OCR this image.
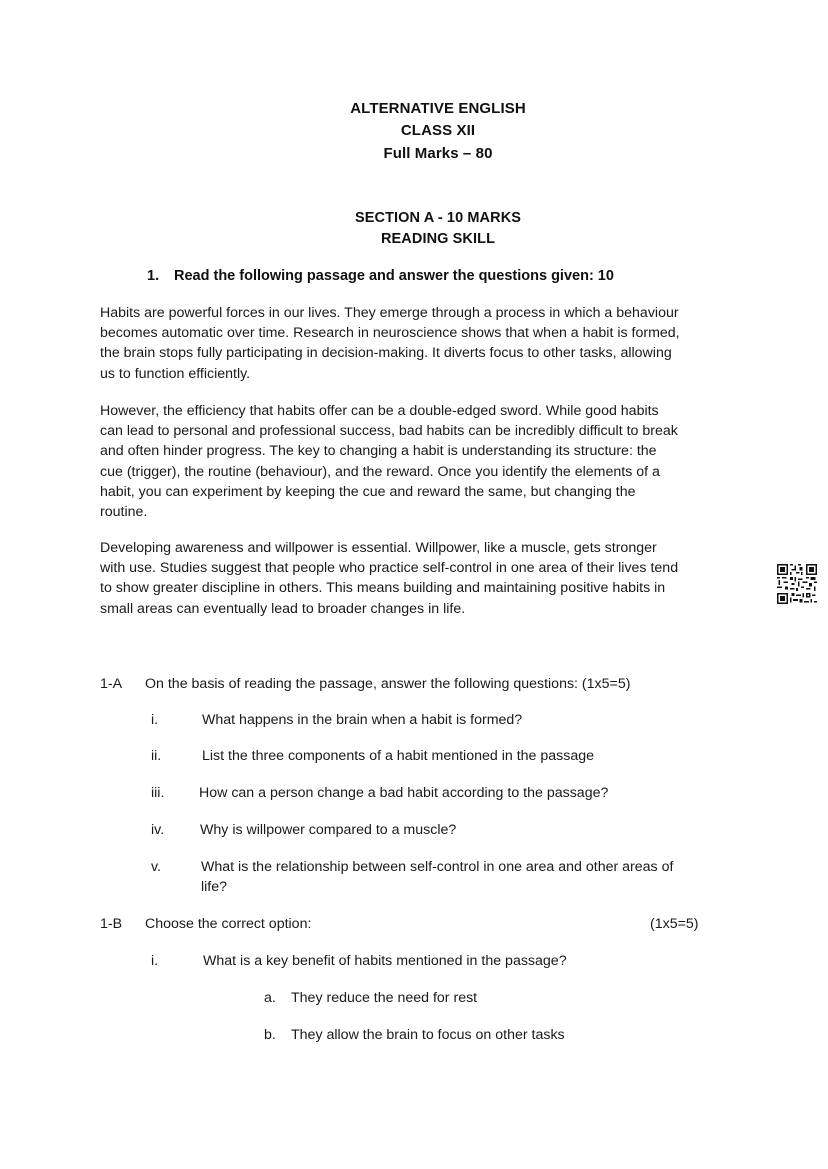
ALTERNATIVE ENGLISH
CLASS XII
Full Marks – 80
SECTION A - 10 MARKS
READING SKILL
1. Read the following passage and answer the questions given: 10
Habits are powerful forces in our lives. They emerge through a process in which a behaviour
becomes automatic over time. Research in neuroscience shows that when a habit is formed,
the brain stops fully participating in decision-making. It diverts focus to other tasks, allowing
us to function efficiently.
However, the efficiency that habits offer can be a double-edged sword. While good habits
can lead to personal and professional success, bad habits can be incredibly difficult to break
and often hinder progress. The key to changing a habit is understanding its structure: the
cue (trigger), the routine (behaviour), and the reward. Once you identify the elements of a
habit, you can experiment by keeping the cue and reward the same, but changing the
routine.
Developing awareness and willpower is essential. Willpower, like a muscle, gets stronger
with use. Studies suggest that people who practice self-control in one area of their lives tend
to show greater discipline in others. This means building and maintaining positive habits in
small areas can eventually lead to broader changes in life.
1-A On the basis of reading the passage, answer the following questions: (1x5=5)
i.	What happens in the brain when a habit is formed?
ii.	List the three components of a habit mentioned in the passage
iii. How can a person change a bad habit according to the passage?
iv.	Why is willpower compared to a muscle?
v.	What is the relationship between self-control in one area and other areas of
life?
1-B Choose the correct option:	(1x5=5)
i.	What is a key benefit of habits mentioned in the passage?
a. They reduce the need for rest
b. They allow the brain to focus on other tasks
